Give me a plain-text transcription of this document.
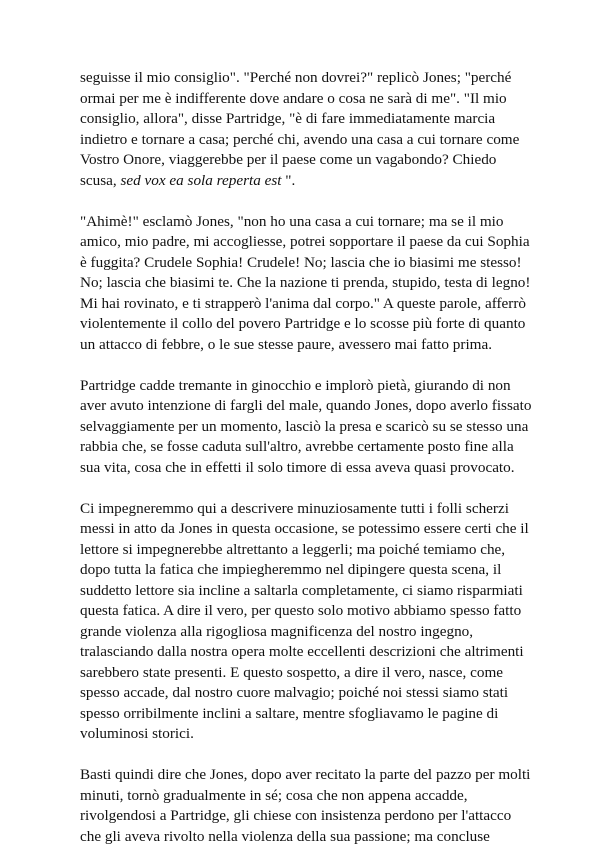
seguisse il mio consiglio". "Perché non dovrei?" replicò Jones; "perché ormai per me è indifferente dove andare o cosa ne sarà di me". "Il mio consiglio, allora", disse Partridge, "è di fare immediatamente marcia indietro e tornare a casa; perché chi, avendo una casa a cui tornare come Vostro Onore, viaggerebbe per il paese come un vagabondo? Chiedo scusa, sed vox ea sola reperta est ".

"Ahimè!" esclamò Jones, "non ho una casa a cui tornare; ma se il mio amico, mio padre, mi accogliesse, potrei sopportare il paese da cui Sophia è fuggita? Crudele Sophia! Crudele! No; lascia che io biasimi me stesso! No; lascia che biasimi te. Che la nazione ti prenda, stupido, testa di legno! Mi hai rovinato, e ti strapperò l'anima dal corpo." A queste parole, afferrò violentemente il collo del povero Partridge e lo scosse più forte di quanto un attacco di febbre, o le sue stesse paure, avessero mai fatto prima.

Partridge cadde tremante in ginocchio e implorò pietà, giurando di non aver avuto intenzione di fargli del male, quando Jones, dopo averlo fissato selvaggiamente per un momento, lasciò la presa e scaricò su se stesso una rabbia che, se fosse caduta sull'altro, avrebbe certamente posto fine alla sua vita, cosa che in effetti il solo timore di essa aveva quasi provocato.

Ci impegneremmo qui a descrivere minuziosamente tutti i folli scherzi messi in atto da Jones in questa occasione, se potessimo essere certi che il lettore si impegnerebbe altrettanto a leggerli; ma poiché temiamo che, dopo tutta la fatica che impiegheremmo nel dipingere questa scena, il suddetto lettore sia incline a saltarla completamente, ci siamo risparmiati questa fatica. A dire il vero, per questo solo motivo abbiamo spesso fatto grande violenza alla rigogliosa magnificenza del nostro ingegno, tralasciando dalla nostra opera molte eccellenti descrizioni che altrimenti sarebbero state presenti. E questo sospetto, a dire il vero, nasce, come spesso accade, dal nostro cuore malvagio; poiché noi stessi siamo stati spesso orribilmente inclini a saltare, mentre sfogliavamo le pagine di voluminosi storici.

Basti quindi dire che Jones, dopo aver recitato la parte del pazzo per molti minuti, tornò gradualmente in sé; cosa che non appena accadde, rivolgendosi a Partridge, gli chiese con insistenza perdono per l'attacco che gli aveva rivolto nella violenza della sua passione; ma concluse
